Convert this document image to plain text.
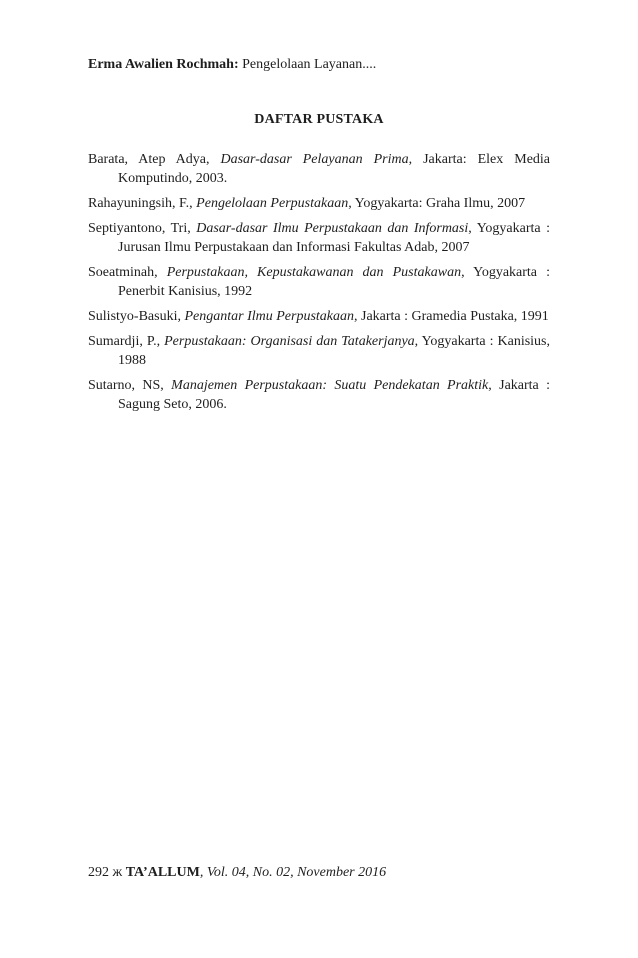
Erma Awalien Rochmah: Pengelolaan Layanan....
DAFTAR PUSTAKA

Barata, Atep Adya, Dasar-dasar Pelayanan Prima, Jakarta: Elex Media Komputindo, 2003.

Rahayuningsih, F., Pengelolaan Perpustakaan, Yogyakarta: Graha Ilmu, 2007

Septiyantono, Tri, Dasar-dasar Ilmu Perpustakaan dan Informasi, Yogyakarta : Jurusan Ilmu Perpustakaan dan Informasi Fakultas Adab, 2007

Soeatminah, Perpustakaan, Kepustakawanan dan Pustakawan, Yogyakarta : Penerbit Kanisius, 1992

Sulistyo-Basuki, Pengantar Ilmu Perpustakaan, Jakarta : Gramedia Pustaka, 1991

Sumardji, P., Perpustakaan: Organisasi dan Tatakerjanya, Yogyakarta : Kanisius, 1988

Sutarno, NS, Manajemen Perpustakaan: Suatu Pendekatan Praktik, Jakarta : Sagung Seto, 2006.

292 ж TA’ALLUM, Vol. 04, No. 02, November 2016
